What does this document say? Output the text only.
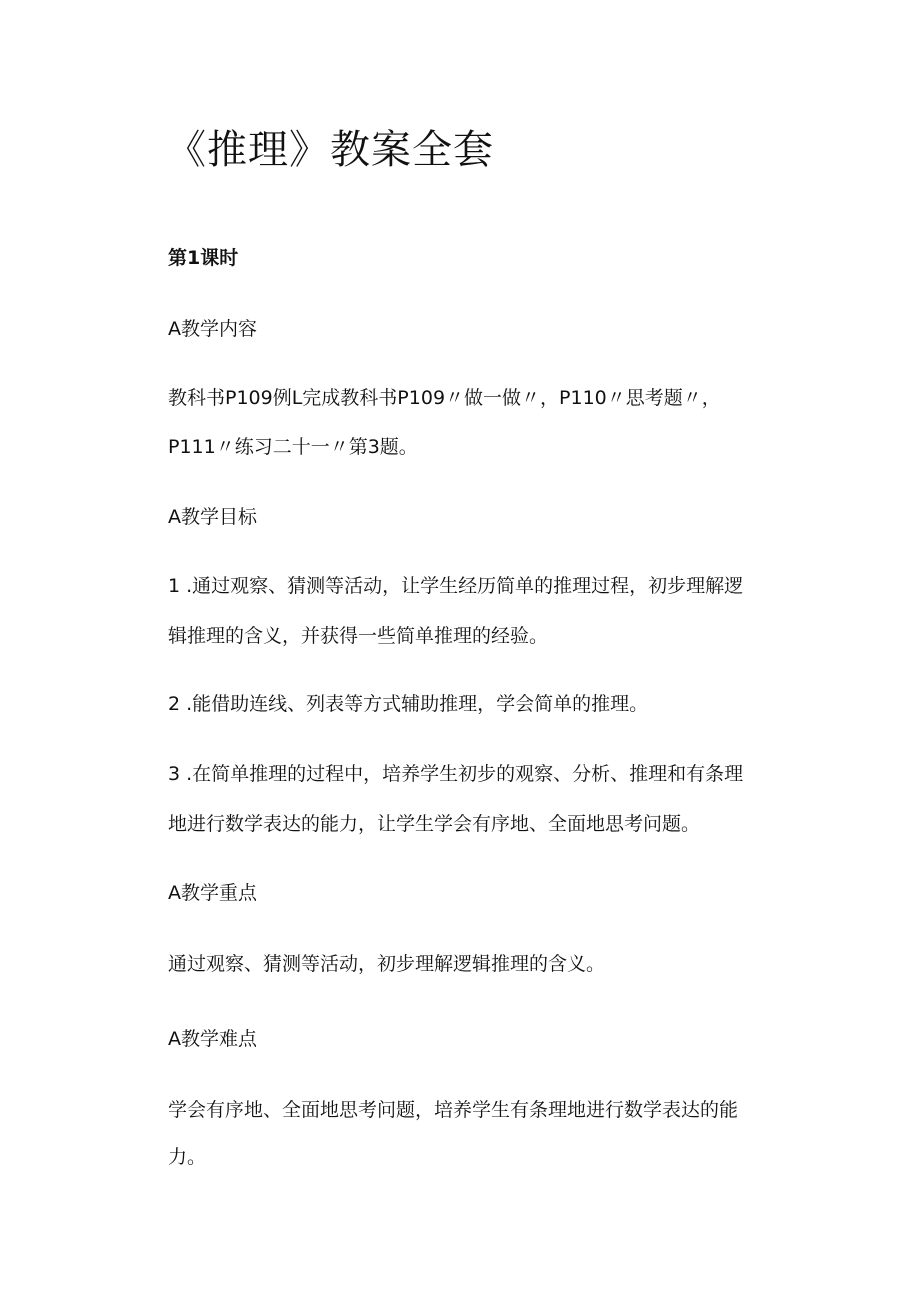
《推理》教案全套
第1课时
A教学内容
教科书P109例L完成教科书P109〃做一做〃，P110〃思考题〃，
P111〃练习二十一〃第3题。
A教学目标
1 .通过观察、猜测等活动，让学生经历简单的推理过程，初步理解逻
辑推理的含义，并获得一些简单推理的经验。
2 .能借助连线、列表等方式辅助推理，学会简单的推理。
3 .在简单推理的过程中，培养学生初步的观察、分析、推理和有条理
地进行数学表达的能力，让学生学会有序地、全面地思考问题。
A教学重点
通过观察、猜测等活动，初步理解逻辑推理的含义。
A教学难点
学会有序地、全面地思考问题，培养学生有条理地进行数学表达的能
力。
